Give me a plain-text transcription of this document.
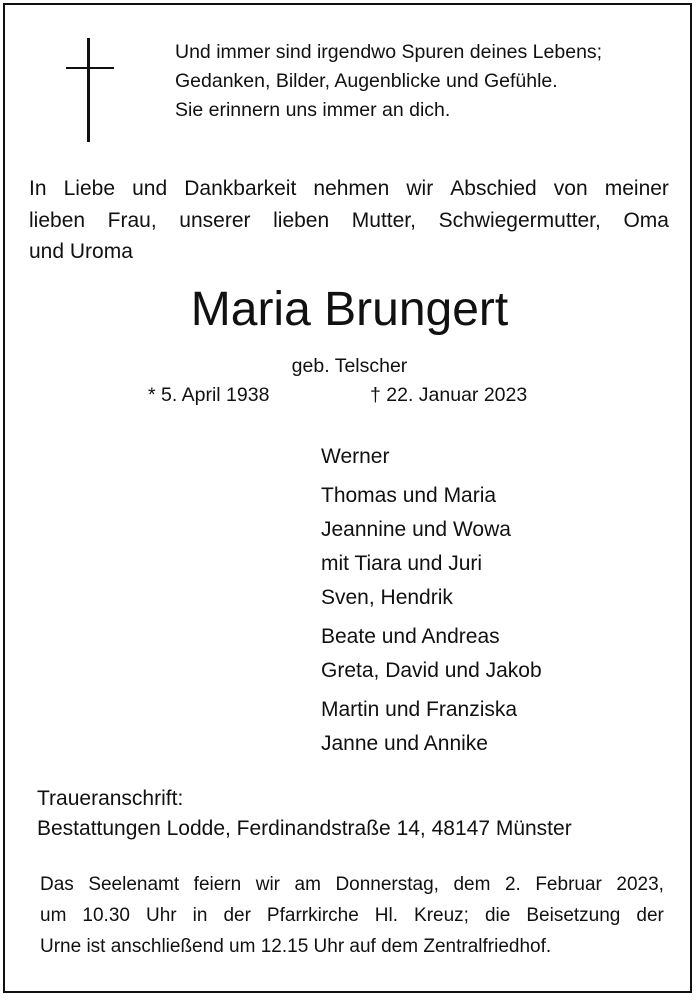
Und immer sind irgendwo Spuren deines Lebens;
Gedanken, Bilder, Augenblicke und Gefühle.
Sie erinnern uns immer an dich.
In Liebe und Dankbarkeit nehmen wir Abschied von meiner
lieben Frau, unserer lieben Mutter, Schwiegermutter, Oma
und Uroma
Maria Brungert
geb. Telscher
* 5. April 1938	† 22. Januar 2023
Werner
Thomas und Maria
Jeannine und Wowa
mit Tiara und Juri
Sven, Hendrik
Beate und Andreas
Greta, David und Jakob
Martin und Franziska
Janne und Annike
Traueranschrift:
Bestattungen Lodde, Ferdinandstraße 14, 48147 Münster
Das Seelenamt feiern wir am Donnerstag, dem 2. Februar 2023,
um 10.30 Uhr in der Pfarrkirche Hl. Kreuz; die Beisetzung der
Urne ist anschließend um 12.15 Uhr auf dem Zentralfriedhof.
